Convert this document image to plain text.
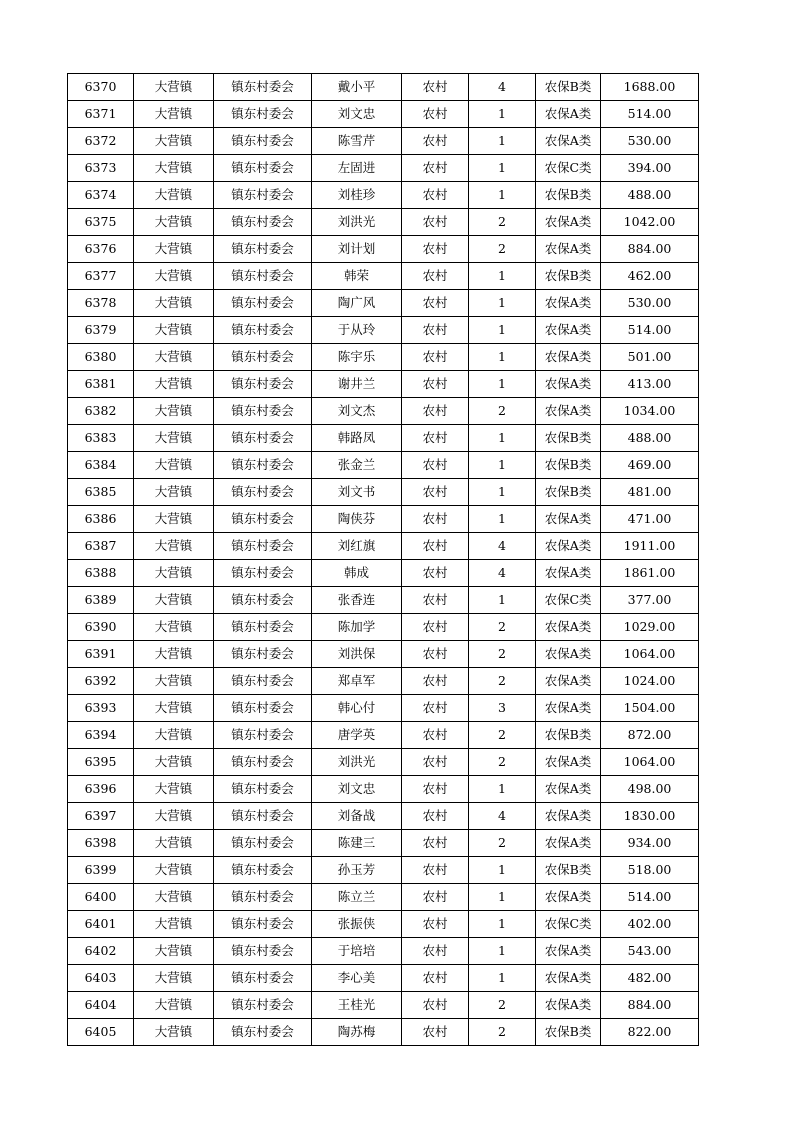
6370	大营镇	镇东村委会	戴小平	农村	4	农保B类	1688.00
6371	大营镇	镇东村委会	刘文忠	农村	1	农保A类	514.00
6372	大营镇	镇东村委会	陈雪芹	农村	1	农保A类	530.00
6373	大营镇	镇东村委会	左固进	农村	1	农保C类	394.00
6374	大营镇	镇东村委会	刘桂珍	农村	1	农保B类	488.00
6375	大营镇	镇东村委会	刘洪光	农村	2	农保A类	1042.00
6376	大营镇	镇东村委会	刘计划	农村	2	农保A类	884.00
6377	大营镇	镇东村委会	韩荣	农村	1	农保B类	462.00
6378	大营镇	镇东村委会	陶广风	农村	1	农保A类	530.00
6379	大营镇	镇东村委会	于从玲	农村	1	农保A类	514.00
6380	大营镇	镇东村委会	陈宇乐	农村	1	农保A类	501.00
6381	大营镇	镇东村委会	谢井兰	农村	1	农保A类	413.00
6382	大营镇	镇东村委会	刘文杰	农村	2	农保A类	1034.00
6383	大营镇	镇东村委会	韩路凤	农村	1	农保B类	488.00
6384	大营镇	镇东村委会	张金兰	农村	1	农保B类	469.00
6385	大营镇	镇东村委会	刘文书	农村	1	农保B类	481.00
6386	大营镇	镇东村委会	陶侠芬	农村	1	农保A类	471.00
6387	大营镇	镇东村委会	刘红旗	农村	4	农保A类	1911.00
6388	大营镇	镇东村委会	韩成	农村	4	农保A类	1861.00
6389	大营镇	镇东村委会	张香连	农村	1	农保C类	377.00
6390	大营镇	镇东村委会	陈加学	农村	2	农保A类	1029.00
6391	大营镇	镇东村委会	刘洪保	农村	2	农保A类	1064.00
6392	大营镇	镇东村委会	郑卓军	农村	2	农保A类	1024.00
6393	大营镇	镇东村委会	韩心付	农村	3	农保A类	1504.00
6394	大营镇	镇东村委会	唐学英	农村	2	农保B类	872.00
6395	大营镇	镇东村委会	刘洪光	农村	2	农保A类	1064.00
6396	大营镇	镇东村委会	刘文忠	农村	1	农保A类	498.00
6397	大营镇	镇东村委会	刘备战	农村	4	农保A类	1830.00
6398	大营镇	镇东村委会	陈建三	农村	2	农保A类	934.00
6399	大营镇	镇东村委会	孙玉芳	农村	1	农保B类	518.00
6400	大营镇	镇东村委会	陈立兰	农村	1	农保A类	514.00
6401	大营镇	镇东村委会	张振侠	农村	1	农保C类	402.00
6402	大营镇	镇东村委会	于培培	农村	1	农保A类	543.00
6403	大营镇	镇东村委会	李心美	农村	1	农保A类	482.00
6404	大营镇	镇东村委会	王桂光	农村	2	农保A类	884.00
6405	大营镇	镇东村委会	陶苏梅	农村	2	农保B类	822.00
